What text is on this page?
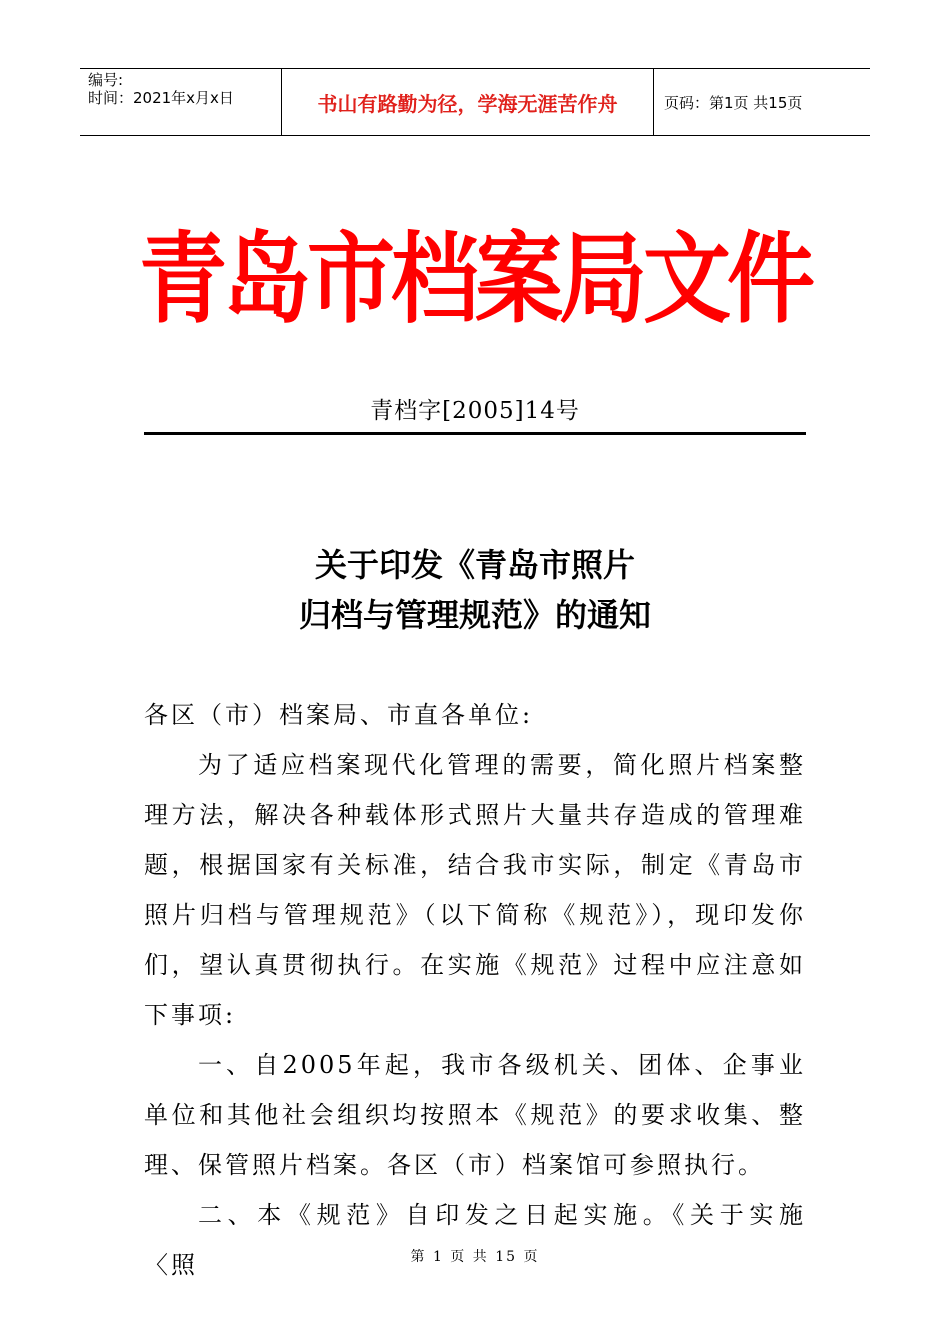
编号:
时间：2021年x月x日	书山有路勤为径，学海无涯苦作舟	页码：第1页 共15页
青岛市档案局文件
青档字[2005]14号
关于印发《青岛市照片
归档与管理规范》的通知

各区（市）档案局、市直各单位:

为了适应档案现代化管理的需要，简化照片档案整理方法，解决各种载体形式照片大量共存造成的管理难题，根据国家有关标准，结合我市实际，制定《青岛市照片归档与管理规范》（以下简称《规范》），现印发你们，望认真贯彻执行。在实施《规范》过程中应注意如下事项:

一、自2005年起，我市各级机关、团体、企事业单位和其他社会组织均按照本《规范》的要求收集、整理、保管照片档案。各区（市）档案馆可参照执行。

二、本《规范》自印发之日起实施。《关于实施〈照	第 1 页 共 15 页
